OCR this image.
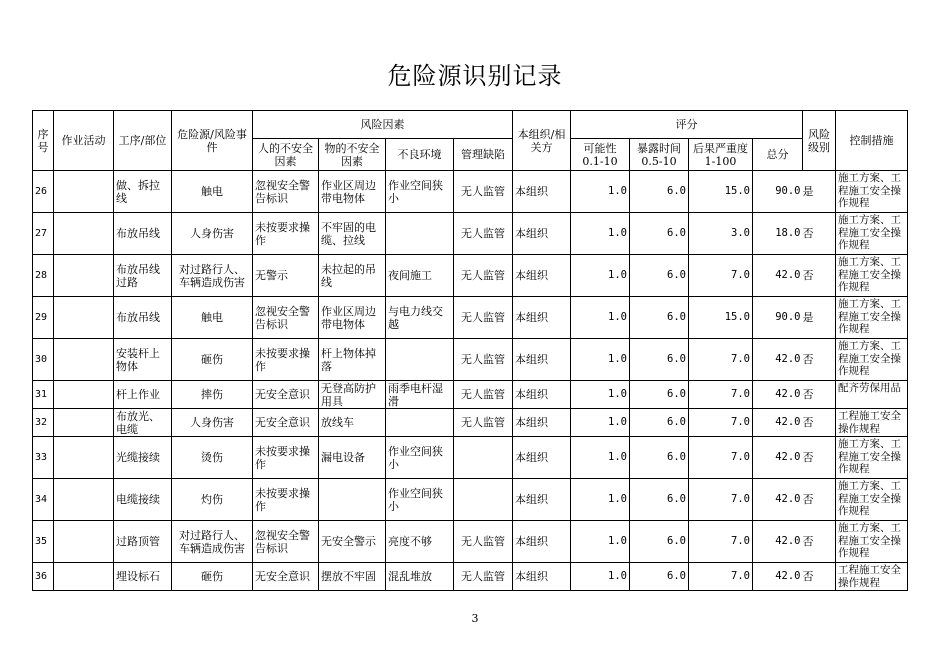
危险源识别记录
序号	作业活动	工序/部位	危险源/风险事件	风险因素				本组织/相关方	评分				风险级别	控制措施
				人的不安全因素	物的不安全因素	不良环境	管理缺陷		可能性0.1-10	暴露时间0.5-10	后果严重度1-100	总分		
26		做、拆拉线	触电	忽视安全警告标识	作业区周边带电物体	作业空间狭小	无人监管	本组织	1.0	6.0	15.0	90.0	是	施工方案、工程施工安全操作规程
27		布放吊线	人身伤害	未按要求操作	不牢固的电缆、拉线		无人监管	本组织	1.0	6.0	3.0	18.0	否	施工方案、工程施工安全操作规程
28		布放吊线过路	对过路行人、车辆造成伤害	无警示	未拉起的吊线	夜间施工	无人监管	本组织	1.0	6.0	7.0	42.0	否	施工方案、工程施工安全操作规程
29		布放吊线	触电	忽视安全警告标识	作业区周边带电物体	与电力线交越	无人监管	本组织	1.0	6.0	15.0	90.0	是	施工方案、工程施工安全操作规程
30		安装杆上物体	砸伤	未按要求操作	杆上物体掉落		无人监管	本组织	1.0	6.0	7.0	42.0	否	施工方案、工程施工安全操作规程
31		杆上作业	摔伤	无安全意识	无登高防护用具	雨季电杆湿滑	无人监管	本组织	1.0	6.0	7.0	42.0	否	配齐劳保用品
32		布放光、电缆	人身伤害	无安全意识	放线车		无人监管	本组织	1.0	6.0	7.0	42.0	否	工程施工安全操作规程
33		光缆接续	烫伤	未按要求操作	漏电设备	作业空间狭小		本组织	1.0	6.0	7.0	42.0	否	施工方案、工程施工安全操作规程
34		电缆接续	灼伤	未按要求操作		作业空间狭小		本组织	1.0	6.0	7.0	42.0	否	施工方案、工程施工安全操作规程
35		过路顶管	对过路行人、车辆造成伤害	忽视安全警告标识	无安全警示	亮度不够	无人监管	本组织	1.0	6.0	7.0	42.0	否	施工方案、工程施工安全操作规程
36		埋设标石	砸伤	无安全意识	摆放不牢固	混乱堆放	无人监管	本组织	1.0	6.0	7.0	42.0	否	工程施工安全操作规程
3
